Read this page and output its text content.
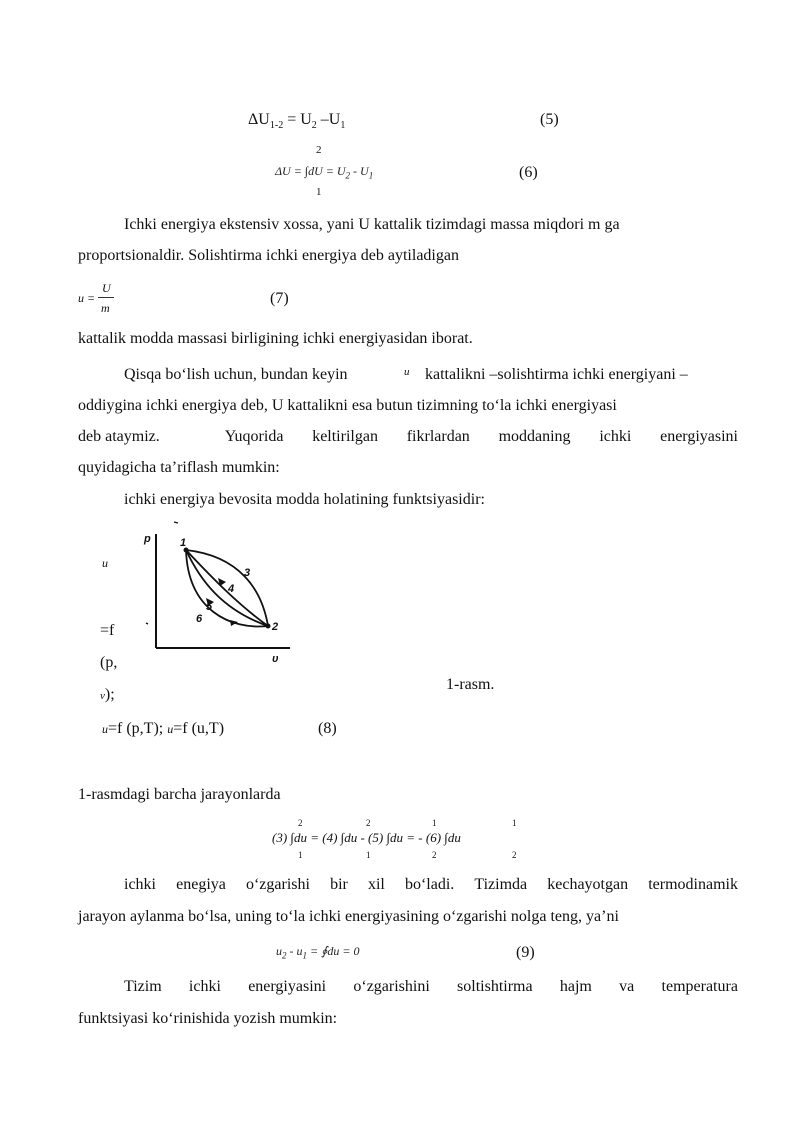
$\Delta U_{1-2} = U_2$ $-U_1$	(5)
2
$\Delta U = \int dU = U_2 - U_1$
1
(6)
Ichki energiya ekstensiv xossa, yani U kattalik tizimdagi massa miqdori m ga
proportsionaldir. Solishtirma ichki energiya deb aytiladigan
u =
U
m
(7)
kattalik modda massasi birligining ichki energiyasidan iborat.
Qisqa bo‘lish uchun, bundan keyin	u kattalikni –solishtirma ichki energiyani –
oddiygina ichki energiya deb, U kattalikni esa butun tizimning to‘la ichki energiyasi
deb ataymiz.	Yuqorida keltirilgan fikrlardan moddaning ichki energiyasini
quyidagicha ta’riflash mumkin:
ichki energiya bevosita modda holatining funktsiyasidir:
p
υ
1
2
3
4
5
6
1-rasm.
u
=f
(p,
v);
u=f (p,T); u=f (u,T)	(8)
1-rasmdagi barcha jarayonlarda
2	2	1	1
(3) ∫du = (4) ∫du - (5) ∫du = - (6) ∫du
1	1	2	2
ichki enegiya o‘zgarishi bir xil bo‘ladi. Tizimda kechayotgan termodinamik
jarayon aylanma bo‘lsa, uning to‘la ichki energiyasining o‘zgarishi nolga teng, ya’ni
$u_2 - u_1$ = ∮du = 0	(9)
Tizim ichki energiyasini o‘zgarishini soltishtirma hajm va temperatura
funktsiyasi ko‘rinishida yozish mumkin:
